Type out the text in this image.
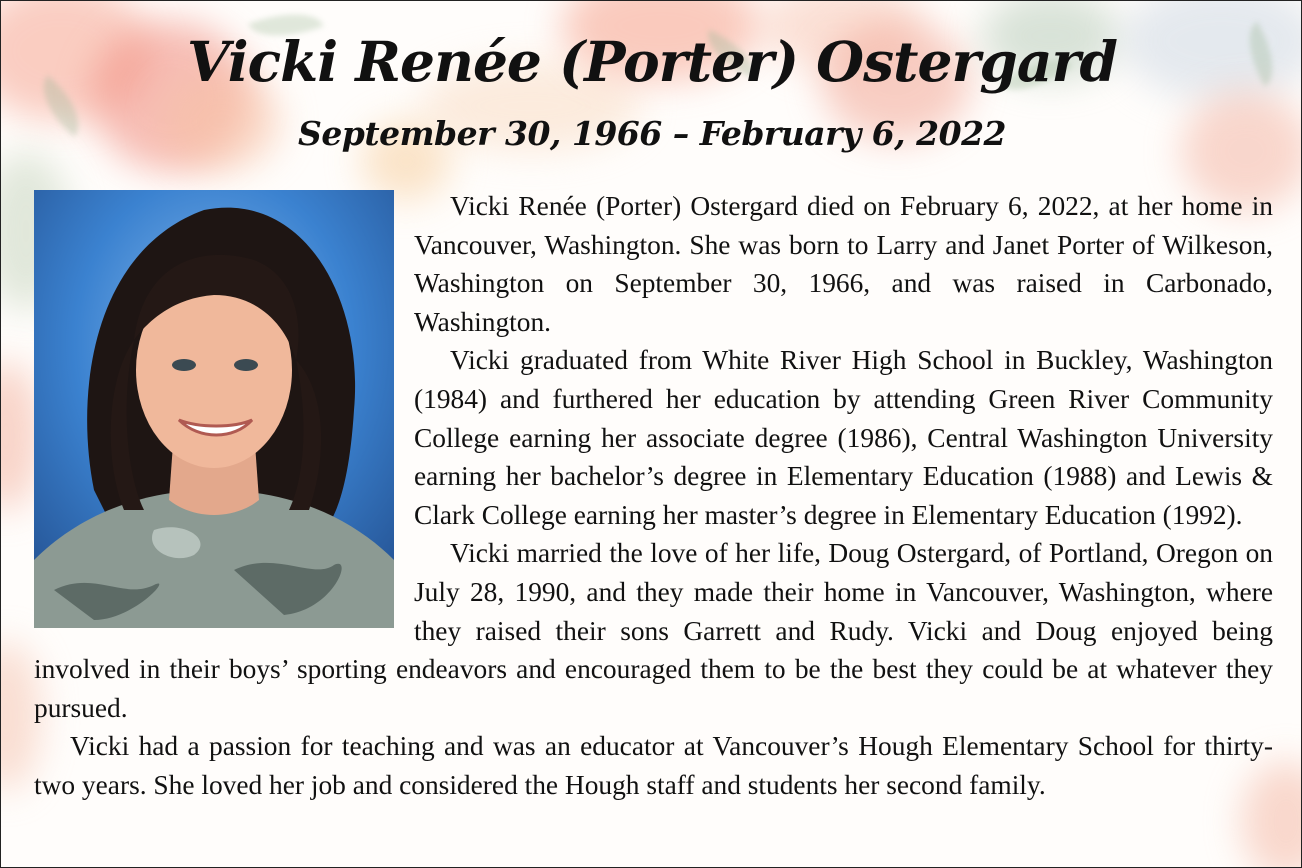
Vicki Renée (Porter) Ostergard
September 30, 1966 – February 6, 2022

Vicki Renée (Porter) Ostergard died on February 6, 2022, at her home in Vancouver, Washington. She was born to Larry and Janet Porter of Wilkeson, Washington on September 30, 1966, and was raised in Carbonado, Washington.

Vicki graduated from White River High School in Buckley, Washington (1984) and furthered her education by attending Green River Community College earning her associate degree (1986), Central Washington University earning her bachelor’s degree in Elementary Education (1988) and Lewis & Clark College earning her master’s degree in Elementary Education (1992).

Vicki married the love of her life, Doug Ostergard, of Portland, Oregon on July 28, 1990, and they made their home in Vancouver, Washington, where they raised their sons Garrett and Rudy. Vicki and Doug enjoyed being involved in their boys’ sporting endeavors and encouraged them to be the best they could be at whatever they pursued.

Vicki had a passion for teaching and was an educator at Vancouver’s Hough Elementary School for thirty-two years. She loved her job and considered the Hough staff and students her second family.
